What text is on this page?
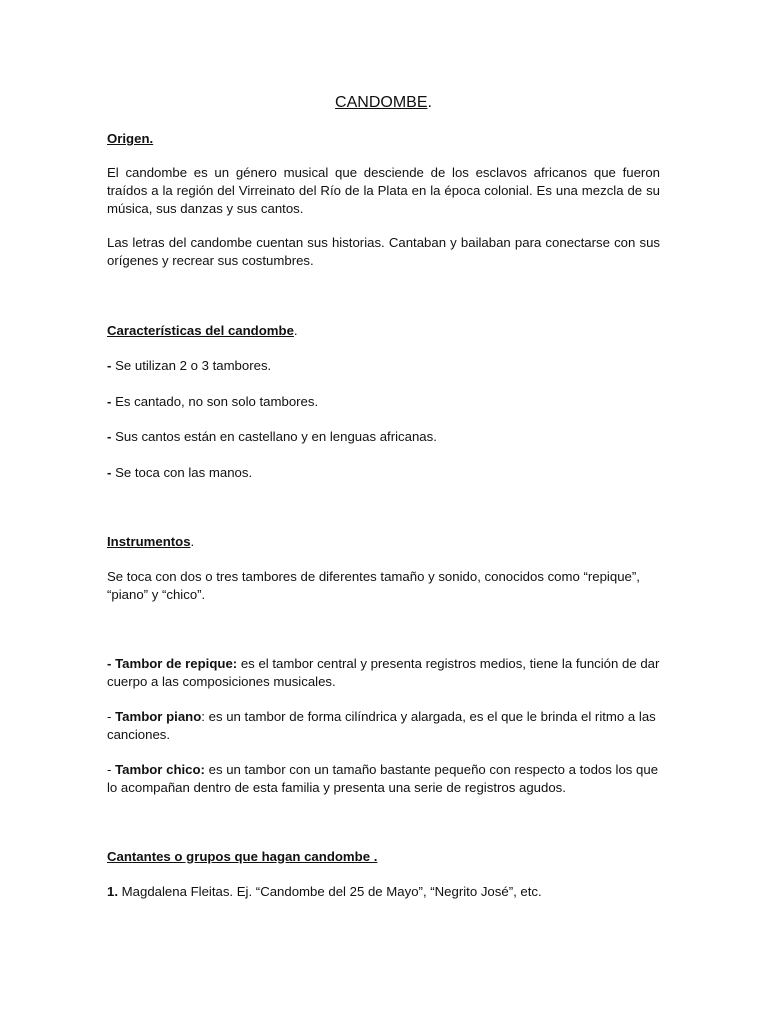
CANDOMBE.
Origen.

El candombe es un género musical que desciende de los esclavos africanos que fueron traídos a la región del Virreinato del Río de la Plata en la época colonial. Es una mezcla de su música, sus danzas y sus cantos.

Las letras del candombe cuentan sus historias. Cantaban y bailaban para conectarse con sus orígenes y recrear sus costumbres.

Características del candombe.

- Se utilizan 2 o 3 tambores.

- Es cantado, no son solo tambores.

- Sus cantos están en castellano y en lenguas africanas.

- Se toca con las manos.

Instrumentos.

Se toca con dos o tres tambores de diferentes tamaño y sonido, conocidos como “repique”, “piano” y “chico”.

- Tambor de repique: es el tambor central y presenta registros medios, tiene la función de dar cuerpo a las composiciones musicales.

- Tambor piano: es un tambor de forma cilíndrica y alargada, es el que le brinda el ritmo a las canciones.

- Tambor chico: es un tambor con un tamaño bastante pequeño con respecto a todos los que lo acompañan dentro de esta familia y presenta una serie de registros agudos.

Cantantes o grupos que hagan candombe .

1. Magdalena Fleitas. Ej. “Candombe del 25 de Mayo”, “Negrito José”, etc.
